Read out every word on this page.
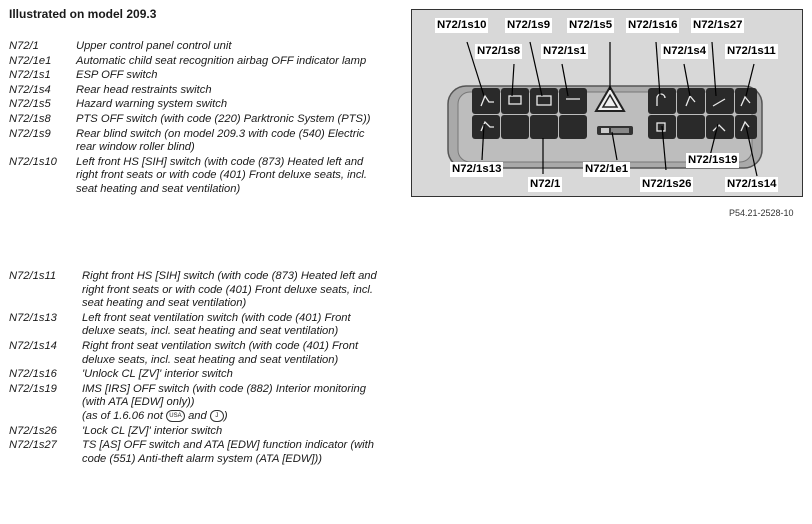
Illustrated on model 209.3
N72/1	Upper control panel control unit
N72/1e1	Automatic child seat recognition airbag OFF indicator lamp
N72/1s1	ESP OFF switch
N72/1s4	Rear head restraints switch
N72/1s5	Hazard warning system switch
N72/1s8	PTS OFF switch (with code (220) Parktronic System (PTS))
N72/1s9	Rear blind switch (on model 209.3 with code (540) Electric rear window roller blind)
N72/1s10	Left front HS [SIH] switch (with code (873) Heated left and right front seats or with code (401) Front deluxe seats, incl. seat heating and seat ventilation)
N72/1s11	Right front HS [SIH] switch (with code (873) Heated left and right front seats or with code (401) Front deluxe seats, incl. seat heating and seat ventilation)
N72/1s13	Left front seat ventilation switch (with code (401) Front deluxe seats, incl. seat heating and seat ventilation)
N72/1s14	Right front seat ventilation switch (with code (401) Front deluxe seats, incl. seat heating and seat ventilation)
N72/1s16	'Unlock CL [ZV]' interior switch
N72/1s19	IMS [IRS] OFF switch (with code (882) Interior monitoring (with ATA [EDW] only))
(as of 1.6.06 not USA and J )
N72/1s26	'Lock CL [ZV]' interior switch
N72/1s27	TS [AS] OFF switch and ATA [EDW] function indicator (with code (551) Anti-theft alarm system (ATA [EDW]))
N72/1s10 N72/1s9 N72/1s5 N72/1s16 N72/1s27
N72/1s8 N72/1s1	N72/1s4 N72/1s11
N72/1s13	N72/1e1
N72/1s19
N72/1	N72/1s26	N72/1s14
P54.21-2528-10
